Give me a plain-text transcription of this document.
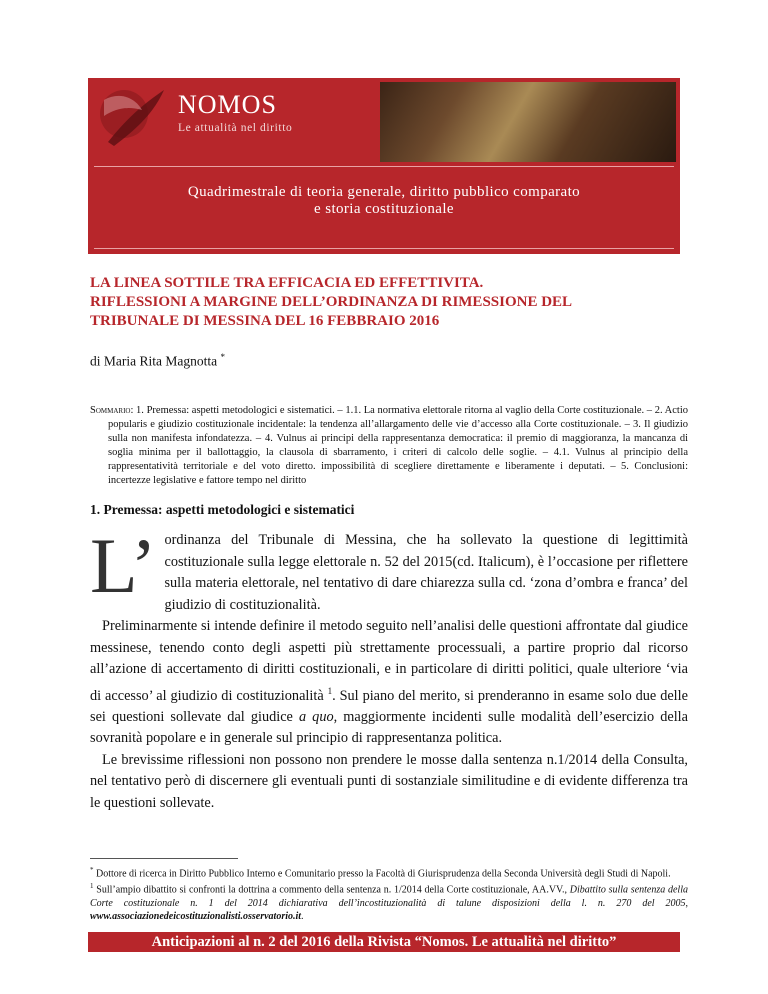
NOMOS
Le attualità nel diritto
Quadrimestrale di teoria generale, diritto pubblico comparato
e storia costituzionale
LA LINEA SOTTILE TRA EFFICACIA ED EFFETTIVITA.
RIFLESSIONI A MARGINE DELL’ORDINANZA DI RIMESSIONE DEL
TRIBUNALE DI MESSINA DEL 16 FEBBRAIO 2016
di Maria Rita Magnotta *
Sommario: 1. Premessa: aspetti metodologici e sistematici. – 1.1. La normativa elettorale ritorna al vaglio della Corte costituzionale. – 2. Actio popularis e giudizio costituzionale incidentale: la tendenza all’allargamento delle vie d’accesso alla Corte costituzionale. – 3. Il giudizio sulla non manifesta infondatezza. – 4. Vulnus ai principi della rappresentanza democratica: il premio di maggioranza, la mancanza di soglia minima per il ballottaggio, la clausola di sbarramento, i criteri di calcolo delle soglie. – 4.1. Vulnus al principio della rappresentatività territoriale e del voto diretto. impossibilità di scegliere direttamente e liberamente i deputati. – 5. Conclusioni: incertezze legislative e fattore tempo nel diritto
1. Premessa: aspetti metodologici e sistematici
L’ ordinanza del Tribunale di Messina, che ha sollevato la questione di legittimità costituzionale sulla legge elettorale n. 52 del 2015(cd. Italicum), è l’occasione per riflettere sulla materia elettorale, nel tentativo di dare chiarezza sulla cd. ‘zona d’ombra e franca’ del giudizio di costituzionalità.

Preliminarmente si intende definire il metodo seguito nell’analisi delle questioni affrontate dal giudice messinese, tenendo conto degli aspetti più strettamente processuali, a partire proprio dal ricorso all’azione di accertamento di diritti costituzionali, e in particolare di diritti politici, quale ulteriore ‘via di accesso’ al giudizio di costituzionalità $^1$. Sul piano del merito, si prenderanno in esame solo due delle sei questioni sollevate dal giudice a quo, maggiormente incidenti sulle modalità dell’esercizio della sovranità popolare e in generale sul principio di rappresentanza politica.

Le brevissime riflessioni non possono non prendere le mosse dalla sentenza n.1/2014 della Consulta, nel tentativo però di discernere gli eventuali punti di sostanziale similitudine e di evidente differenza tra le questioni sollevate.

* Dottore di ricerca in Diritto Pubblico Interno e Comunitario presso la Facoltà di Giurisprudenza della Seconda Università degli Studi di Napoli.

$^1$ Sull’ampio dibattito si confronti la dottrina a commento della sentenza n. 1/2014 della Corte costituzionale, AA.VV., Dibattito sulla sentenza della Corte costituzionale n. 1 del 2014 dichiarativa dell’incostituzionalità di talune disposizioni della l. n. 270 del 2005, www.associazionedeicostituzionalisti.osservatorio.it.

Anticipazioni al n. 2 del 2016 della Rivista “Nomos. Le attualità nel diritto”
